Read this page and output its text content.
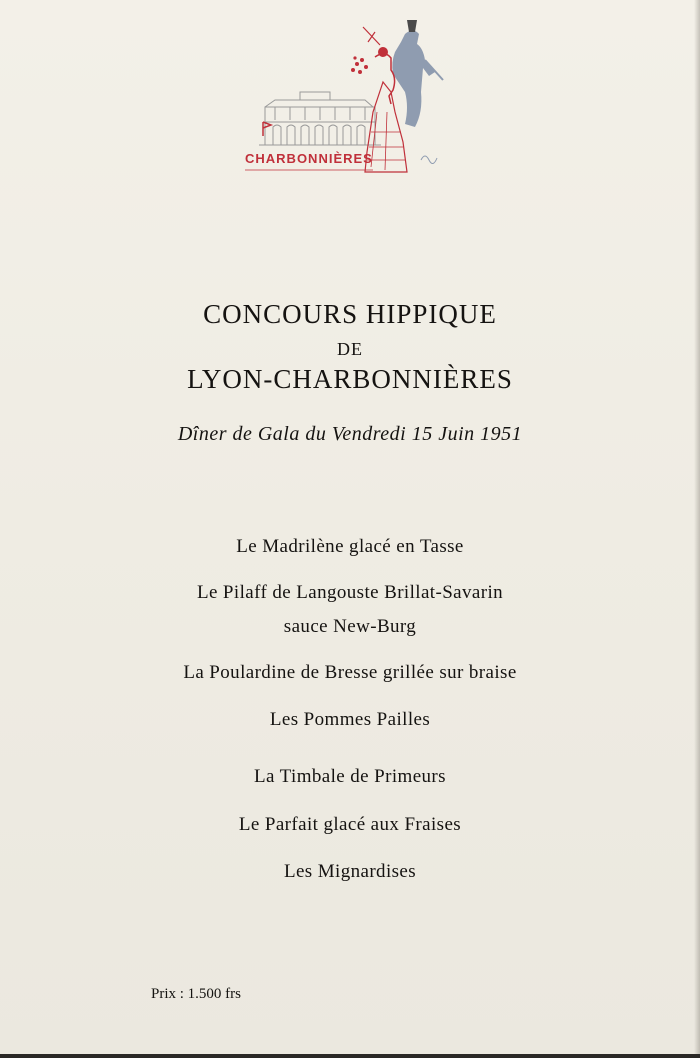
CHARBONNIÈRES
CONCOURS HIPPIQUE
DE
LYON-CHARBONNIÈRES
Dîner de Gala du Vendredi 15 Juin 1951
Le Madrilène glacé en Tasse
Le Pilaff de Langouste Brillat-Savarin
sauce New-Burg
La Poulardine de Bresse grillée sur braise
Les Pommes Pailles
La Timbale de Primeurs
Le Parfait glacé aux Fraises
Les Mignardises
Prix : 1.500 frs
